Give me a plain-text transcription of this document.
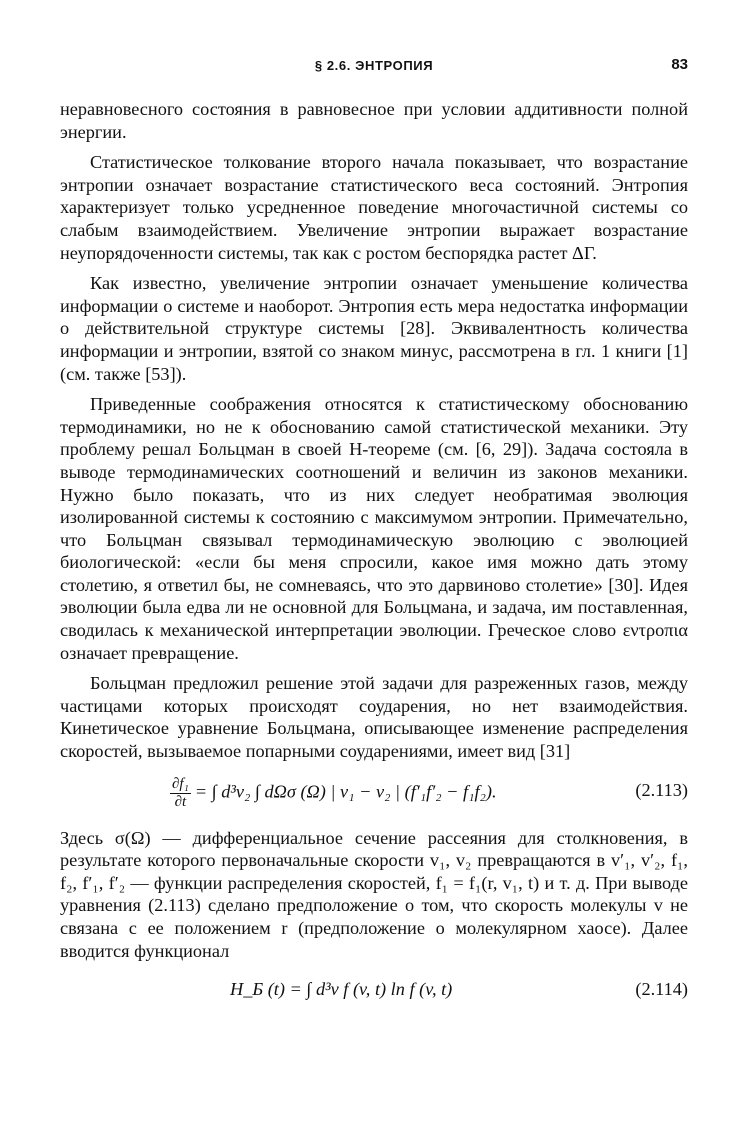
§ 2.6. ЭНТРОПИЯ	83

неравновесного состояния в равновесное при условии аддитивности полной энергии.

Статистическое толкование второго начала показывает, что возрастание энтропии означает возрастание статистического веса состояний. Энтропия характеризует только усредненное поведение многочастичной системы со слабым взаимодействием. Увеличение энтропии выражает возрастание неупорядоченности системы, так как с ростом беспорядка растет ΔΓ.

Как известно, увеличение энтропии означает уменьшение количества информации о системе и наоборот. Энтропия есть мера недостатка информации о действительной структуре системы [28]. Эквивалентность количества информации и энтропии, взятой со знаком минус, рассмотрена в гл. 1 книги [1] (см. также [53]).

Приведенные соображения относятся к статистическому обоснованию термодинамики, но не к обоснованию самой статистической механики. Эту проблему решал Больцман в своей H-теореме (см. [6, 29]). Задача состояла в выводе термодинамических соотношений и величин из законов механики. Нужно было показать, что из них следует необратимая эволюция изолированной системы к состоянию с максимумом энтропии. Примечательно, что Больцман связывал термодинамическую эволюцию с эволюцией биологической: «если бы меня спросили, какое имя можно дать этому столетию, я ответил бы, не сомневаясь, что это дарвиново столетие» [30]. Идея эволюции была едва ли не основной для Больцмана, и задача, им поставленная, сводилась к механической интерпретации эволюции. Греческое слово εντροπια означает превращение.

Больцман предложил решение этой задачи для разреженных газов, между частицами которых происходят соударения, но нет взаимодействия. Кинетическое уравнение Больцмана, описывающее изменение распределения скоростей, вызываемое попарными соударениями, имеет вид [31]

$\frac{\text{∂f₁}}{\partial t}$ = ∫ d³v₂ ∫ dΩσ (Ω) | v₁ − v₂ | (f′₁f′₂ − f₁f₂).	(2.113)

Здесь σ(Ω) — дифференциальное сечение рассеяния для столкновения, в результате которого первоначальные скорости v₁, v₂ превращаются в v′₁, v′₂, f₁, f₂, f′₁, f′₂ — функции распределения скоростей, f₁ = f₁(r, v₁, t) и т. д. При выводе уравнения (2.113) сделано предположение о том, что скорость молекулы v не связана с ее положением r (предположение о молекулярном хаосе). Далее вводится функционал

H_Б (t) = ∫ d³v f (v, t) ln f (v, t)	(2.114)
